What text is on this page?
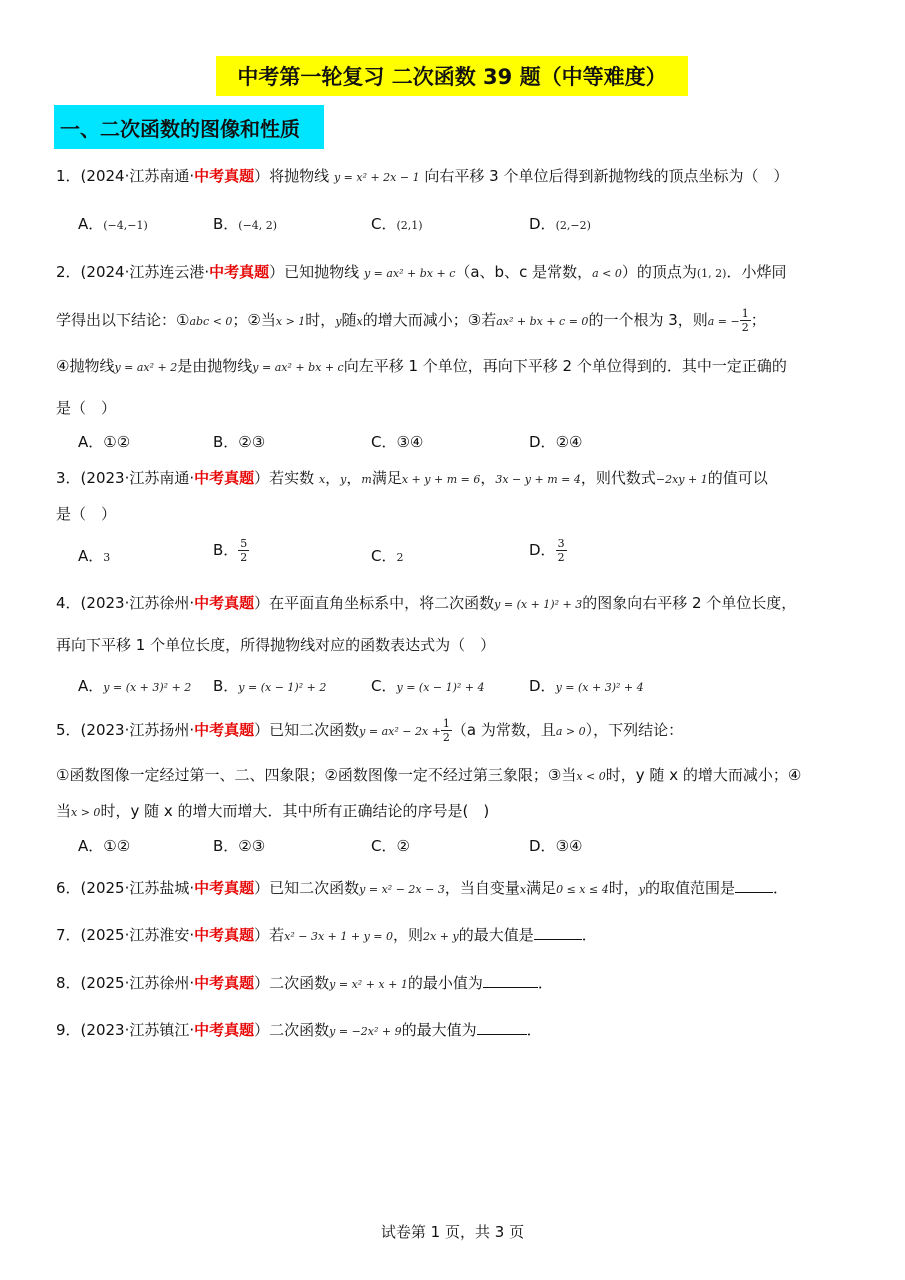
中考第一轮复习 二次函数 39 题（中等难度）
一、二次函数的图像和性质
1．(2024·江苏南通·中考真题）将抛物线 y = x² + 2x − 1 向右平移 3 个单位后得到新抛物线的顶点坐标为（　）
A．(−4,−1)	B．(−4, 2)	C．(2,1)	D．(2,−2)
2．(2024·江苏连云港·中考真题）已知抛物线 y = ax² + bx + c（a、b、c 是常数，a < 0）的顶点为(1, 2)．小烨同
学得出以下结论：①abc < 0；②当x > 1时，y随x的增大而减小；③若ax² + bx + c = 0的一个根为 3，则a = − $\frac{1}{2}$ ；
④抛物线y = ax² + 2是由抛物线y = ax² + bx + c向左平移 1 个单位，再向下平移 2 个单位得到的．其中一定正确的
是（　）
A．①②	B．②③	C．③④	D．②④
3．(2023·江苏南通·中考真题）若实数 x，y，m满足x + y + m = 6，3x − y + m = 4，则代数式−2xy + 1的值可以
是（　）
A．3	B． $\frac{5}{2}$	C．2	D． $\frac{3}{2}$
4．(2023·江苏徐州·中考真题）在平面直角坐标系中，将二次函数y = (x + 1)² + 3的图象向右平移 2 个单位长度，
再向下平移 1 个单位长度，所得抛物线对应的函数表达式为（　）
A．y = (x + 3)² + 2 B．y = (x − 1)² + 2	C．y = (x − 1)² + 4	D．y = (x + 3)² + 4
5．(2023·江苏扬州·中考真题）已知二次函数$y = ax^2 - 2x + \frac{1}{2} (a$ 为常数，且a > 0），下列结论：
①函数图像一定经过第一、二、四象限；②函数图像一定不经过第三象限；③当x < 0时，y 随 x 的增大而减小；④
当x > 0时，y 随 x 的增大而增大．其中所有正确结论的序号是(　)
A．①②	B．②③	C．②	D．③④
6．(2025·江苏盐城·中考真题）已知二次函数y = x² − 2x − 3，当自变量x满足0 ≤ x ≤ 4时，y的取值范围是	．
7．(2025·江苏淮安·中考真题）若x² − 3x + 1 + y = 0，则2x + y的最大值是	．
8．(2025·江苏徐州·中考真题）二次函数y = x² + x + 1的最小值为	．
9．(2023·江苏镇江·中考真题）二次函数y = −2x² + 9的最大值为	．
试卷第 1 页，共 3 页
